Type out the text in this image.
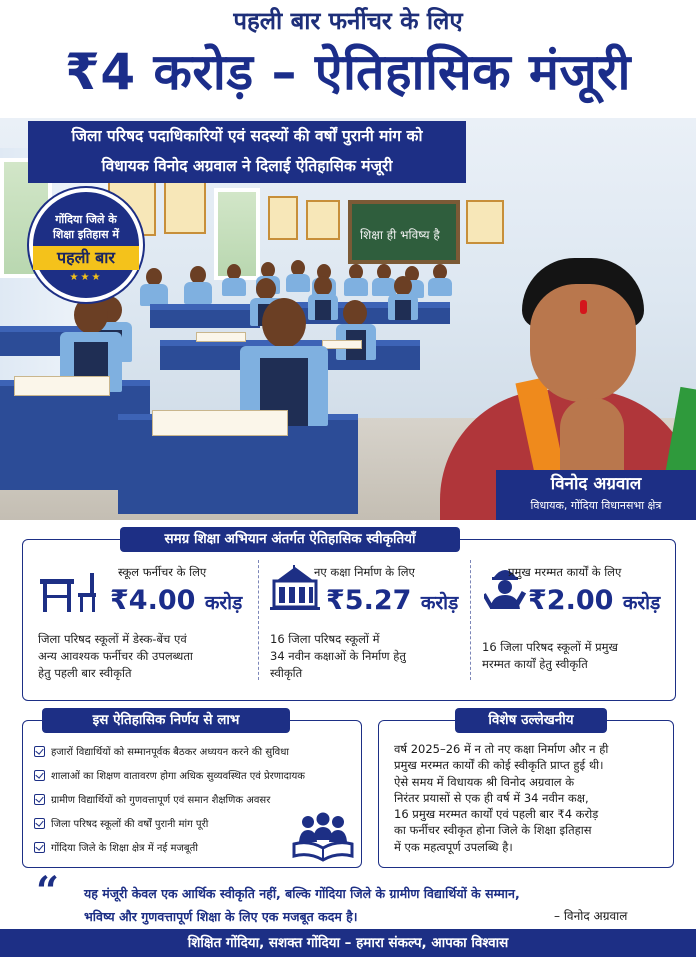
पहली बार फर्नीचर के लिए
₹4 करोड़ – ऐतिहासिक मंजूरी
शिक्षा ही भविष्य है
जिला परिषद पदाधिकारियों एवं सदस्यों की वर्षों पुरानी मांग को
विधायक विनोद अग्रवाल ने दिलाई ऐतिहासिक मंजूरी
गोंदिया जिले के
शिक्षा इतिहास में
पहली बार
★★★
विनोद अग्रवाल
विधायक, गोंदिया विधानसभा क्षेत्र
समग्र शिक्षा अभियान अंतर्गत ऐतिहासिक स्वीकृतियाँ
स्कूल फर्नीचर के लिए
₹4.00 करोड़
जिला परिषद स्कूलों में डेस्क-बेंच एवं
अन्य आवश्यक फर्नीचर की उपलब्धता
हेतु पहली बार स्वीकृति
नए कक्षा निर्माण के लिए
₹5.27 करोड़
16 जिला परिषद स्कूलों में
34 नवीन कक्षाओं के निर्माण हेतु
स्वीकृति
प्रमुख मरम्मत कार्यों के लिए
₹2.00 करोड़
16 जिला परिषद स्कूलों में प्रमुख
मरम्मत कार्यों हेतु स्वीकृति
इस ऐतिहासिक निर्णय से लाभ
हजारों विद्यार्थियों को सम्मानपूर्वक बैठकर अध्ययन करने की सुविधा
शालाओं का शिक्षण वातावरण होगा अधिक सुव्यवस्थित एवं प्रेरणादायक
ग्रामीण विद्यार्थियों को गुणवत्तापूर्ण एवं समान शैक्षणिक अवसर
जिला परिषद स्कूलों की वर्षों पुरानी मांग पूरी
गोंदिया जिले के शिक्षा क्षेत्र में नई मजबूती
विशेष उल्लेखनीय
वर्ष 2025–26 में न तो नए कक्षा निर्माण और न ही
प्रमुख मरम्मत कार्यों की कोई स्वीकृति प्राप्त हुई थी।
ऐसे समय में विधायक श्री विनोद अग्रवाल के
निरंतर प्रयासों से एक ही वर्ष में 34 नवीन कक्ष,
16 प्रमुख मरम्मत कार्यों एवं पहली बार ₹4 करोड़
का फर्नीचर स्वीकृत होना जिले के शिक्षा इतिहास
में एक महत्वपूर्ण उपलब्धि है।
“ यह मंजूरी केवल एक आर्थिक स्वीकृति नहीं, बल्कि गोंदिया जिले के ग्रामीण विद्यार्थियों के सम्मान,
भविष्य और गुणवत्तापूर्ण शिक्षा के लिए एक मजबूत कदम है।	– विनोद अग्रवाल
शिक्षित गोंदिया, सशक्त गोंदिया – हमारा संकल्प, आपका विश्वास
